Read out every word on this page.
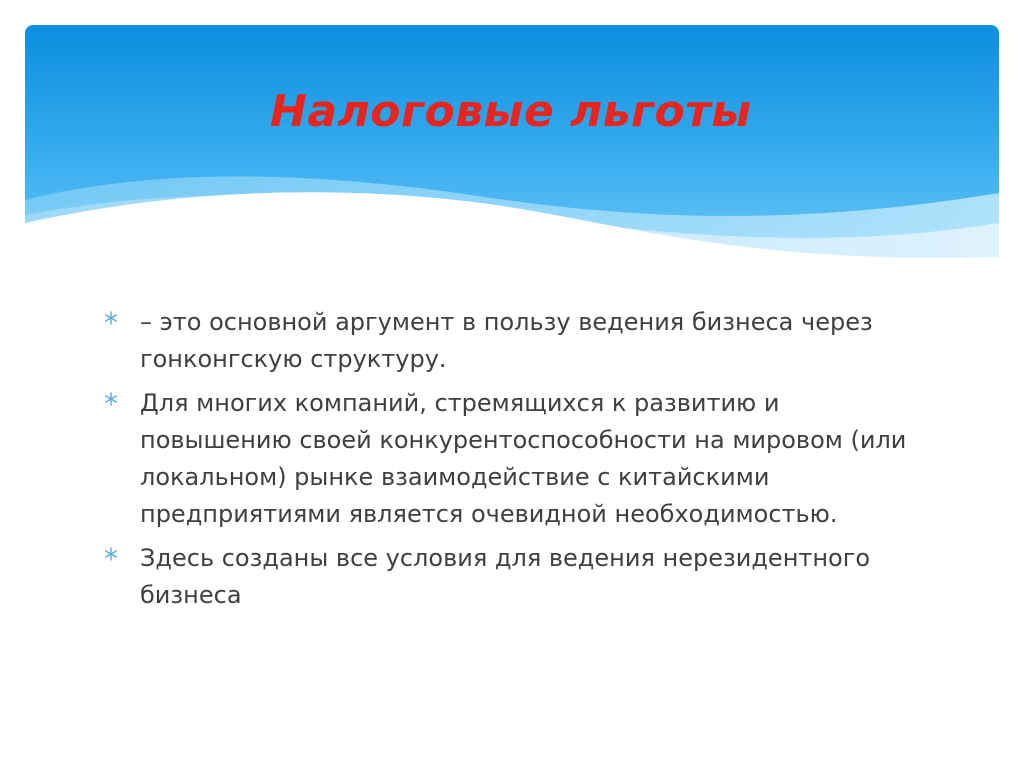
Налоговые льготы
– это основной аргумент в пользу ведения бизнеса через гонконгскую структуру.
Для многих компаний, стремящихся к развитию и повышению своей конкурентоспособности на мировом (или локальном) рынке взаимодействие с китайскими предприятиями является очевидной необходимостью.
Здесь созданы все условия для ведения нерезидентного бизнеса
